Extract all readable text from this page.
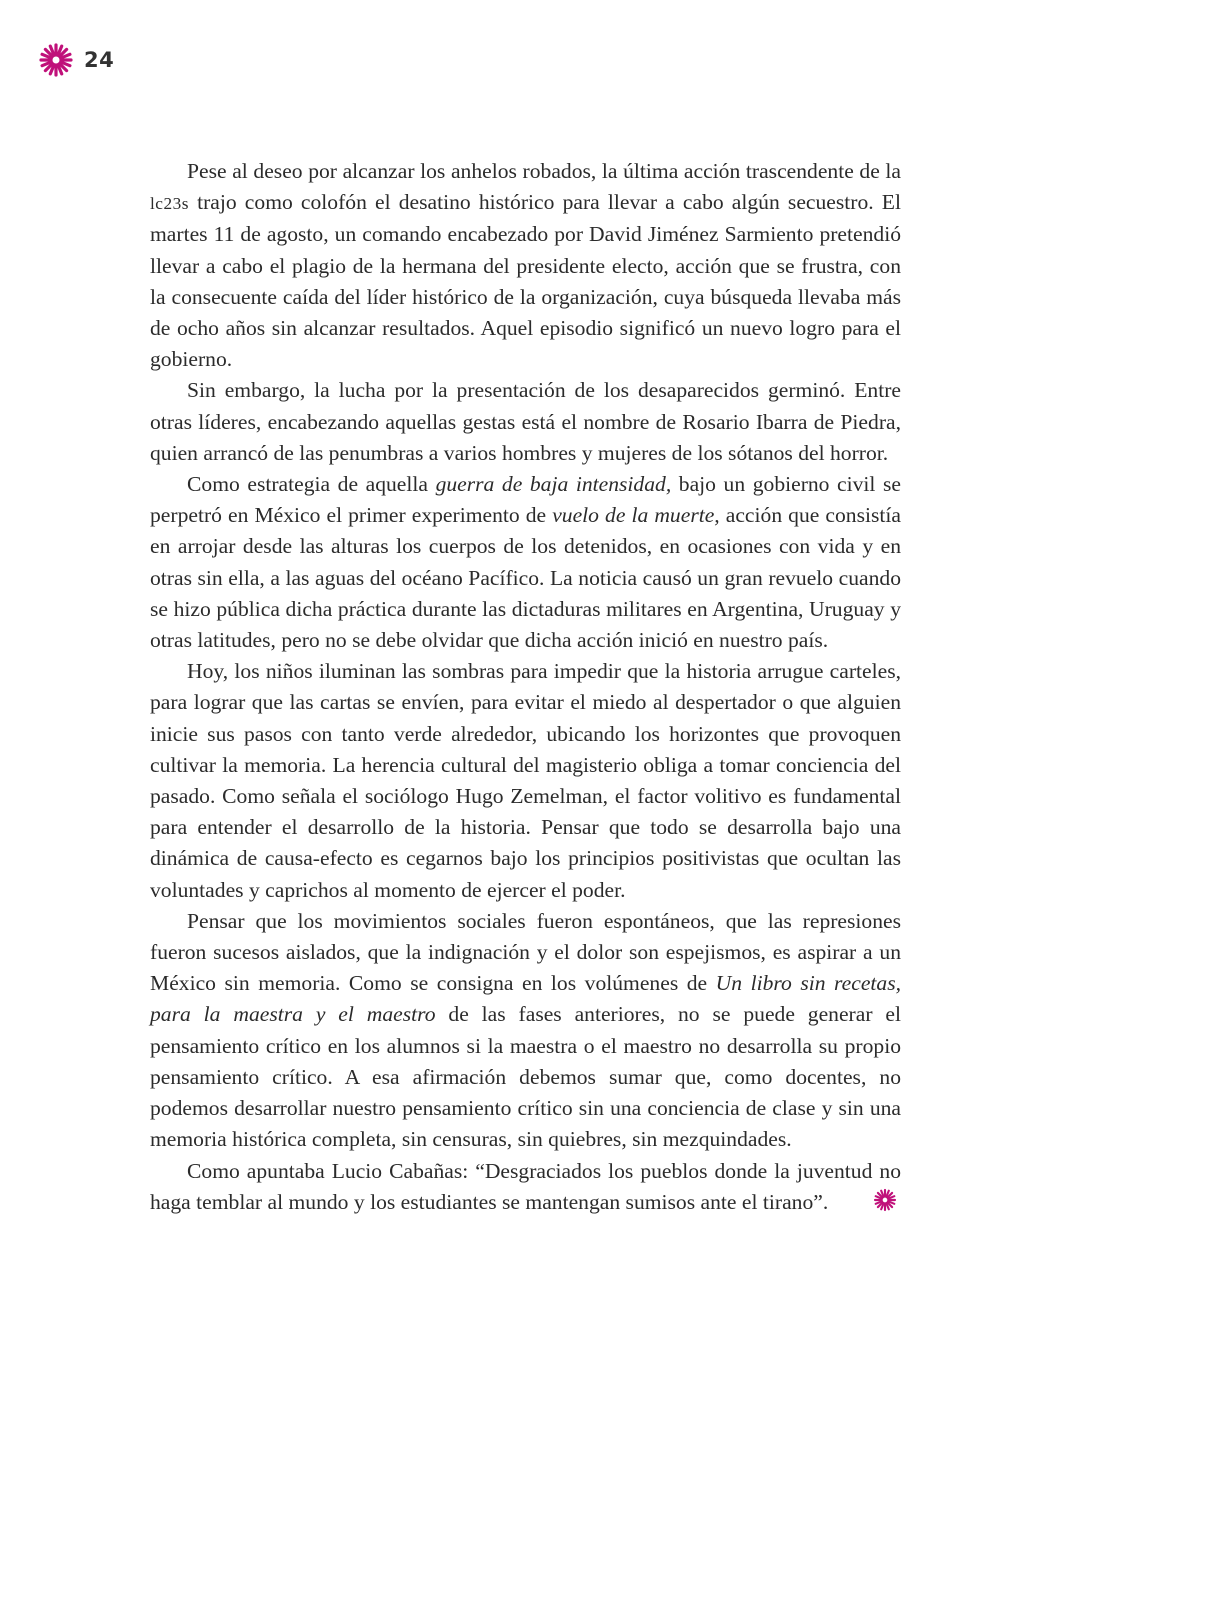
24

Pese al deseo por alcanzar los anhelos robados, la última acción trascendente de la lc23s trajo como colofón el desatino histórico para llevar a cabo algún secuestro. El martes 11 de agosto, un comando encabezado por David Jiménez Sarmiento pretendió llevar a cabo el plagio de la hermana del presidente electo, acción que se frustra, con la consecuente caída del líder histórico de la organización, cuya búsqueda llevaba más de ocho años sin alcanzar resultados. Aquel episodio significó un nuevo logro para el gobierno.

Sin embargo, la lucha por la presentación de los desaparecidos germinó. Entre otras líderes, encabezando aquellas gestas está el nombre de Rosario Ibarra de Piedra, quien arrancó de las penumbras a varios hombres y mujeres de los sótanos del horror.

Como estrategia de aquella guerra de baja intensidad, bajo un gobierno civil se perpetró en México el primer experimento de vuelo de la muerte, acción que consistía en arrojar desde las alturas los cuerpos de los detenidos, en ocasiones con vida y en otras sin ella, a las aguas del océano Pacífico. La noticia causó un gran revuelo cuando se hizo pública dicha práctica durante las dictaduras militares en Argentina, Uruguay y otras latitudes, pero no se debe olvidar que dicha acción inició en nuestro país.

Hoy, los niños iluminan las sombras para impedir que la historia arrugue carteles, para lograr que las cartas se envíen, para evitar el miedo al despertador o que alguien inicie sus pasos con tanto verde alrededor, ubicando los horizontes que provoquen cultivar la memoria. La herencia cultural del magisterio obliga a tomar conciencia del pasado. Como señala el sociólogo Hugo Zemelman, el factor volitivo es fundamental para entender el desarrollo de la historia. Pensar que todo se desarrolla bajo una dinámica de causa-efecto es cegarnos bajo los principios positivistas que ocultan las voluntades y caprichos al momento de ejercer el poder.

Pensar que los movimientos sociales fueron espontáneos, que las represiones fueron sucesos aislados, que la indignación y el dolor son espejismos, es aspirar a un México sin memoria. Como se consigna en los volúmenes de Un libro sin recetas, para la maestra y el maestro de las fases anteriores, no se puede generar el pensamiento crítico en los alumnos si la maestra o el maestro no desarrolla su propio pensamiento crítico. A esa afirmación debemos sumar que, como docentes, no podemos desarrollar nuestro pensamiento crítico sin una conciencia de clase y sin una memoria histórica completa, sin censuras, sin quiebres, sin mezquindades.

Como apuntaba Lucio Cabañas: “Desgraciados los pueblos donde la juventud no haga temblar al mundo y los estudiantes se mantengan sumisos ante el tirano”.
